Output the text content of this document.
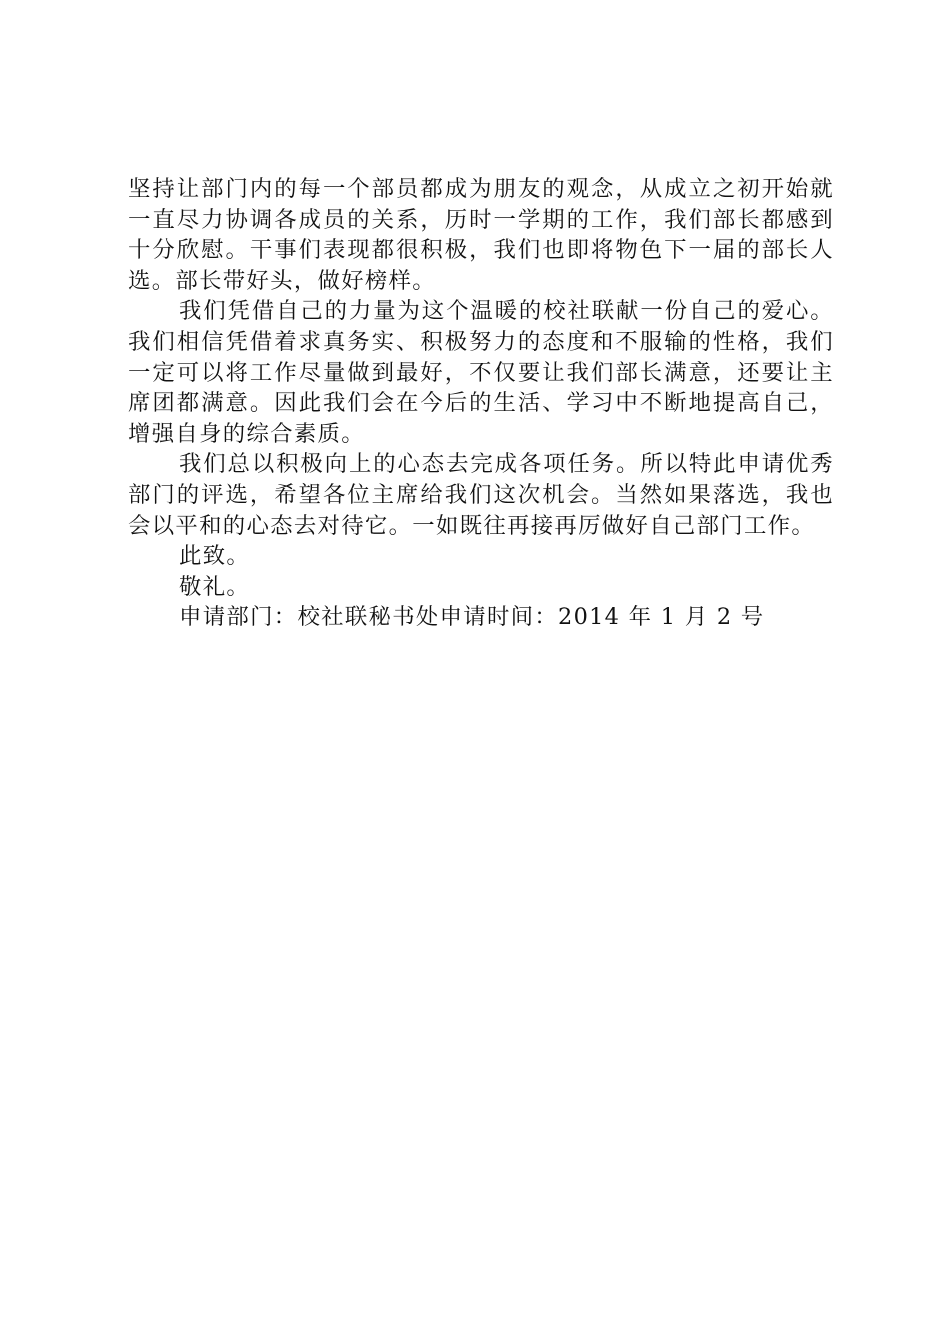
坚持让部门内的每一个部员都成为朋友的观念，从成立之初开始就一直尽力协调各成员的关系，历时一学期的工作，我们部长都感到十分欣慰。干事们表现都很积极，我们也即将物色下一届的部长人选。部长带好头，做好榜样。

我们凭借自己的力量为这个温暖的校社联献一份自己的爱心。我们相信凭借着求真务实、积极努力的态度和不服输的性格，我们一定可以将工作尽量做到最好，不仅要让我们部长满意，还要让主席团都满意。因此我们会在今后的生活、学习中不断地提高自己，增强自身的综合素质。

我们总以积极向上的心态去完成各项任务。所以特此申请优秀部门的评选，希望各位主席给我们这次机会。当然如果落选，我也会以平和的心态去对待它。一如既往再接再厉做好自己部门工作。

此致。

敬礼。

申请部门：校社联秘书处申请时间：2014 年 1 月 2 号
